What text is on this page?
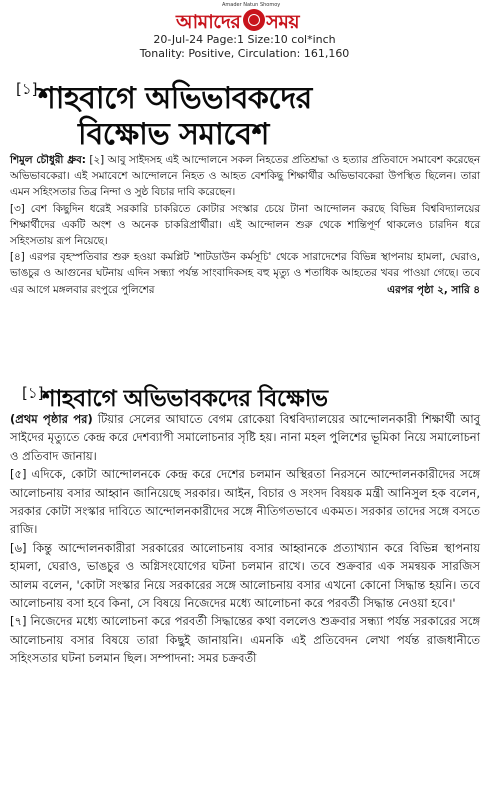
Amader Natun Shomoy
আমাদের সময়
20-Jul-24 Page:1 Size:10 col*inch
Tonality: Positive, Circulation: 161,160
[১] শাহবাগে অভিভাবকদের
বিক্ষোভ সমাবেশ

শিমুল চৌধুরী ধ্রুব: [২] আবু সাইদসহ এই আন্দোলনে সকল নিহতের প্রতিশ্রদ্ধা ও হত্যার প্রতিবাদে সমাবেশ করেছেন অভিভাবকেরা। এই সমাবেশে আন্দোলনে নিহত ও আহত বেশকিছু শিক্ষার্থীর অভিভাবকেরা উপস্থিত ছিলেন। তারা এমন সহিংসতার তিব্র নিন্দা ও সুষ্ঠ বিচার দাবি করেছেন।

[৩] বেশ কিছুদিন ধরেই সরকারি চাকরিতে কোটার সংস্কার চেয়ে টানা আন্দোলন করছে বিভিন্ন বিশ্ববিদ্যালয়ের শিক্ষার্থীদের একটি অংশ ও অনেক চাকরিপ্রার্থীরা। এই আন্দোলন শুরু থেকে শান্তিপূর্ণ থাকলেও চারদিন ধরে সহিংসতায় রূপ নিয়েছে।

[৪] এরপর বৃহস্পতিবার শুরু হওয়া কমপ্লিট 'শাটডাউন কর্মসূচি' থেকে সারাদেশের বিভিন্ন স্থাপনায় হামলা, ঘেরাও, ভাঙচুর ও আগুনের ঘটনায় এদিন সন্ধ্যা পর্যন্ত সাংবাদিকসহ বহু মৃত্যু ও শতাধিক আহতের খবর পাওয়া গেছে। তবে এর আগে মঙ্গলবার রংপুরে পুলিশের	এরপর পৃষ্ঠা ২, সারি ৪

[১]
শাহবাগে অভিভাবকদের বিক্ষোভ

(প্রথম পৃষ্ঠার পর) টিয়ার সেলের আঘাতে বেগম রোকেয়া বিশ্ববিদ্যালয়ের আন্দোলনকারী শিক্ষার্থী আবু সাইদের মৃত্যুতে কেন্দ্র করে দেশব্যাপী সমালোচনার সৃষ্টি হয়। নানা মহল পুলিশের ভূমিকা নিয়ে সমালোচনা ও প্রতিবাদ জানায়।

[৫] এদিকে, কোটা আন্দোলনকে কেন্দ্র করে দেশের চলমান অস্থিরতা নিরসনে আন্দোলনকারীদের সঙ্গে আলোচনায় বসার আহ্বান জানিয়েছে সরকার। আইন, বিচার ও সংসদ বিষয়ক মন্ত্রী আনিসুল হক বলেন, সরকার কোটা সংস্কার দাবিতে আন্দোলনকারীদের সঙ্গে নীতিগতভাবে একমত। সরকার তাদের সঙ্গে বসতে রাজি।

[৬] কিন্তু আন্দোলনকারীরা সরকারের আলোচনায় বসার আহ্বানকে প্রত্যাখ্যান করে বিভিন্ন স্থাপনায় হামলা, ঘেরাও, ভাঙচুর ও অগ্নিসংযোগের ঘটনা চলমান রাখে। তবে শুক্রবার এক সমন্বয়ক সারজিস আলম বলেন, 'কোটা সংস্কার নিয়ে সরকারের সঙ্গে আলোচনায় বসার এখনো কোনো সিদ্ধান্ত হয়নি। তবে আলোচনায় বসা হবে কিনা, সে বিষয়ে নিজেদের মধ্যে আলোচনা করে পরবর্তী সিদ্ধান্ত নেওয়া হবে।'

[৭] নিজেদের মধ্যে আলোচনা করে পরবর্তী সিদ্ধান্তের কথা বললেও শুক্রবার সন্ধ্যা পর্যন্ত সরকারের সঙ্গে আলোচনায় বসার বিষয়ে তারা কিছুই জানায়নি। এমনকি এই প্রতিবেদন লেখা পর্যন্ত রাজধানীতে সহিংসতার ঘটনা চলমান ছিল। সম্পাদনা: সমর চক্রবর্তী
